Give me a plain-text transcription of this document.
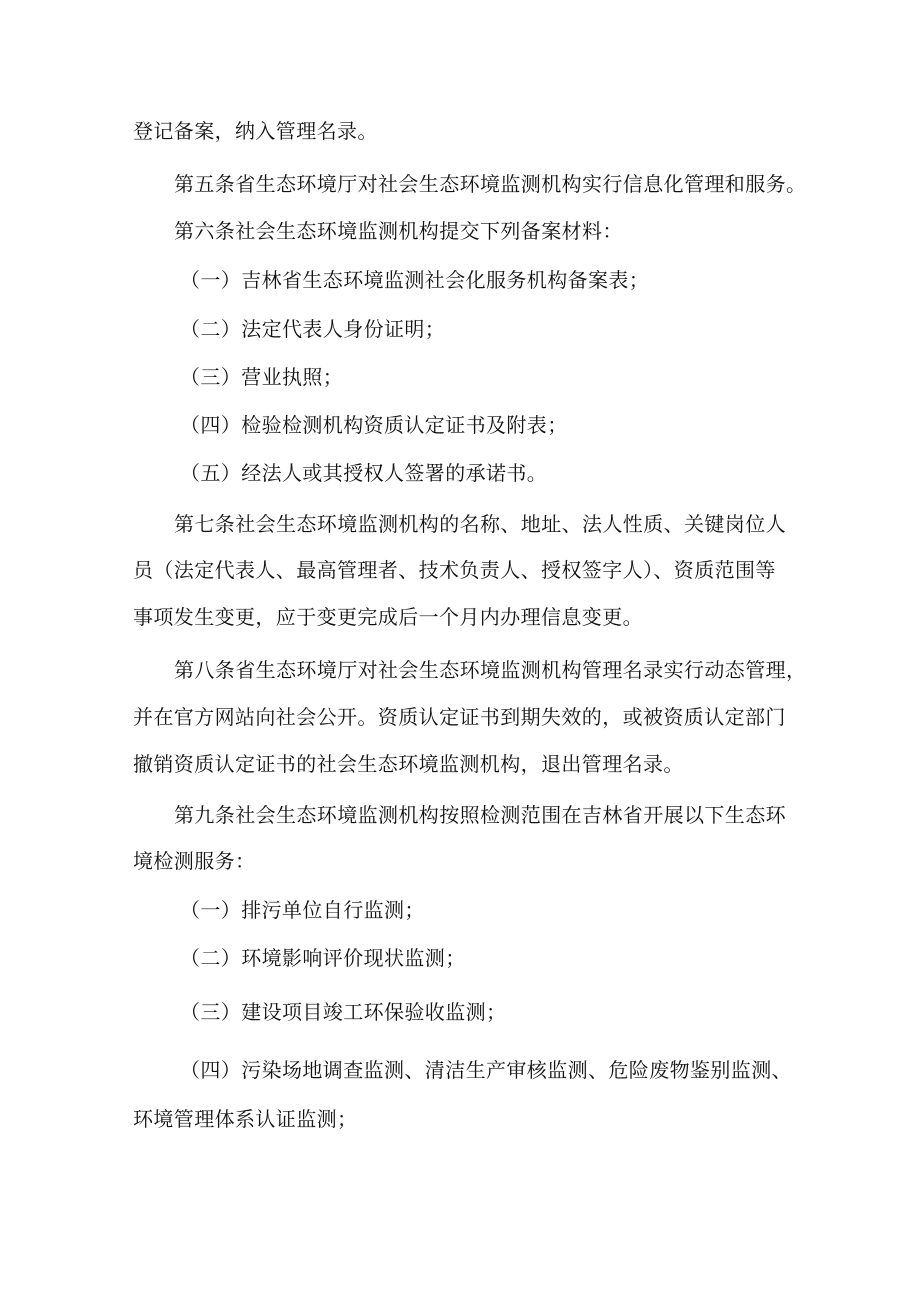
登记备案，纳入管理名录。
第五条省生态环境厅对社会生态环境监测机构实行信息化管理和服务。
第六条社会生态环境监测机构提交下列备案材料：
（一）吉林省生态环境监测社会化服务机构备案表；
（二）法定代表人身份证明；
（三）营业执照；
（四）检验检测机构资质认定证书及附表；
（五）经法人或其授权人签署的承诺书。
第七条社会生态环境监测机构的名称、地址、法人性质、关键岗位人
员（法定代表人、最高管理者、技术负责人、授权签字人）、资质范围等
事项发生变更，应于变更完成后一个月内办理信息变更。
第八条省生态环境厅对社会生态环境监测机构管理名录实行动态管理，
并在官方网站向社会公开。资质认定证书到期失效的，或被资质认定部门
撤销资质认定证书的社会生态环境监测机构，退出管理名录。
第九条社会生态环境监测机构按照检测范围在吉林省开展以下生态环
境检测服务：
（一）排污单位自行监测；
（二）环境影响评价现状监测；
（三）建设项目竣工环保验收监测；
（四）污染场地调查监测、清洁生产审核监测、危险废物鉴别监测、
环境管理体系认证监测；
